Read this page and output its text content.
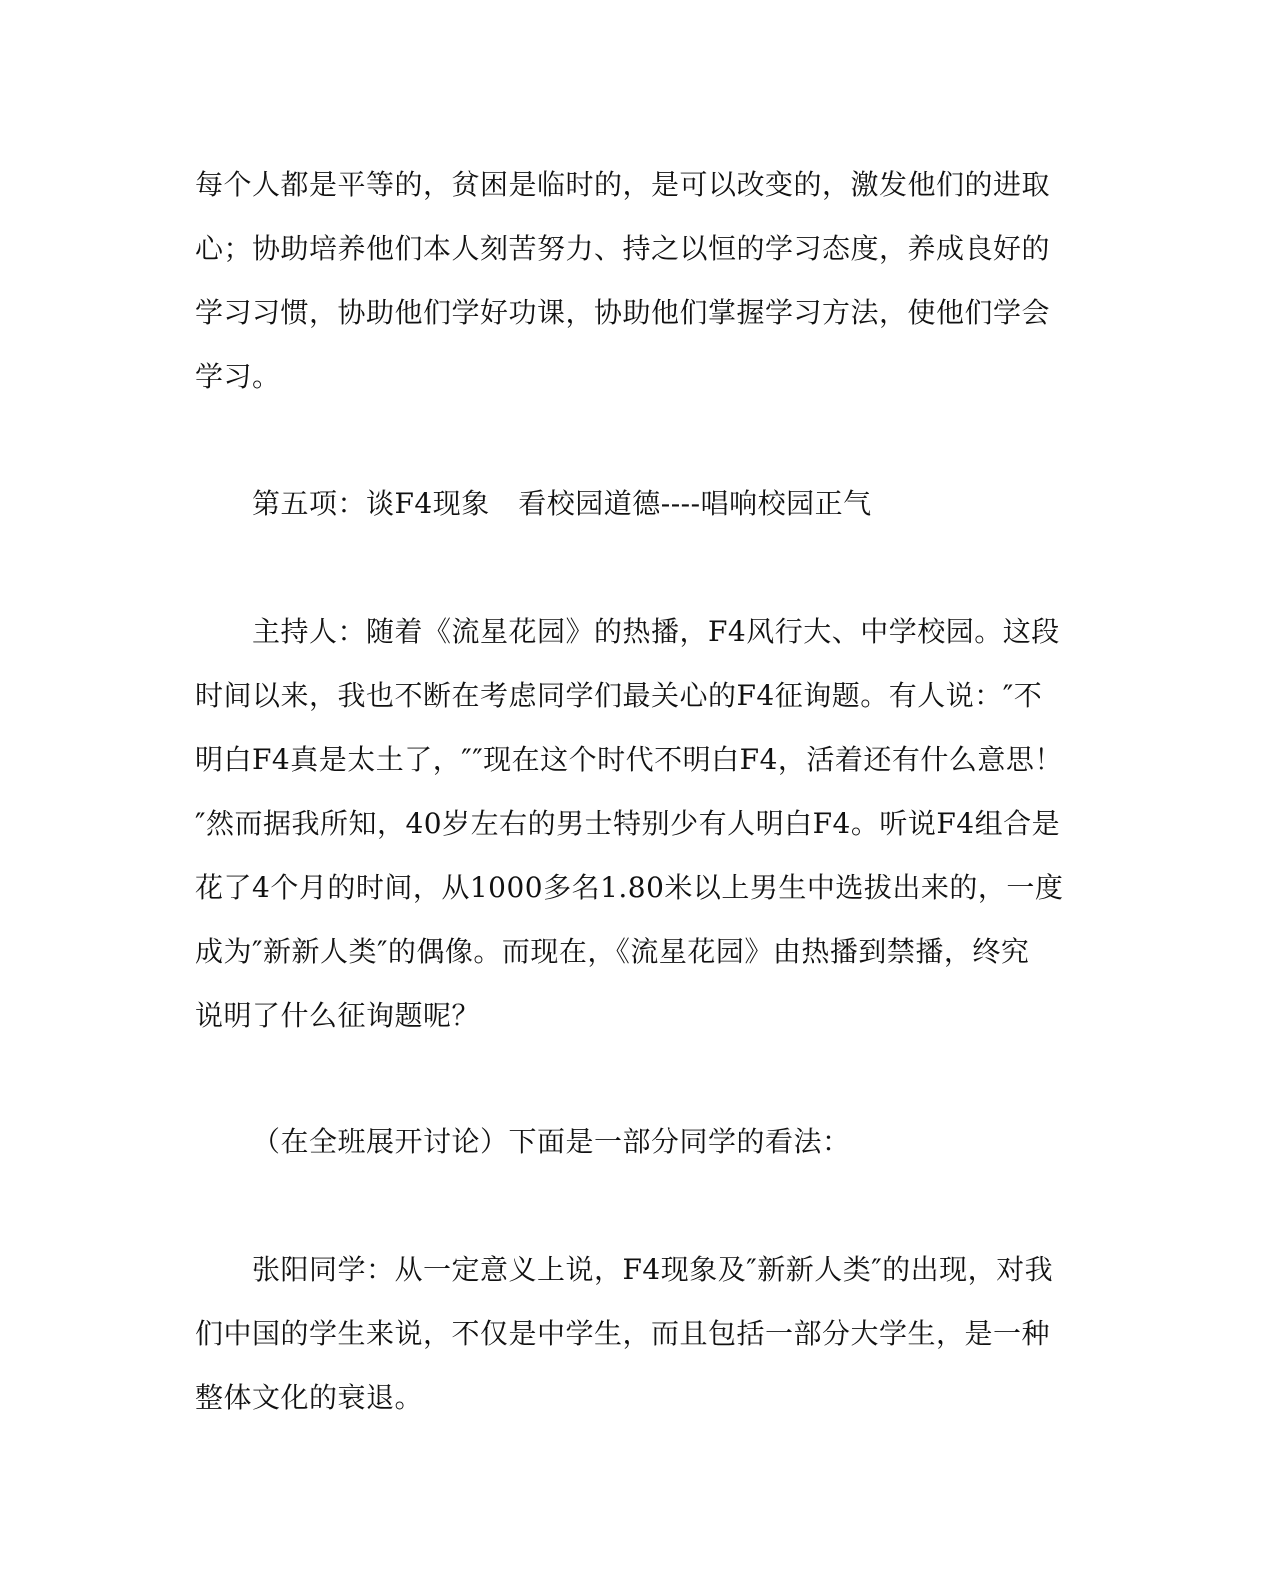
每个人都是平等的，贫困是临时的，是可以改变的，激发他们的进取
心；协助培养他们本人刻苦努力、持之以恒的学习态度，养成良好的
学习习惯，协助他们学好功课，协助他们掌握学习方法，使他们学会
学习。
第五项：谈F4现象　看校园道德----唱响校园正气
主持人：随着《流星花园》的热播，F4风行大、中学校园。这段
时间以来，我也不断在考虑同学们最关心的F4征询题。有人说：″不
明白F4真是太土了，″″现在这个时代不明白F4，活着还有什么意思！
″然而据我所知，40岁左右的男士特别少有人明白F4。听说F4组合是
花了4个月的时间，从1000多名1.80米以上男生中选拔出来的，一度
成为″新新人类″的偶像。而现在，《流星花园》由热播到禁播，终究
说明了什么征询题呢？
（在全班展开讨论）下面是一部分同学的看法：
张阳同学：从一定意义上说，F4现象及″新新人类″的出现，对我
们中国的学生来说，不仅是中学生，而且包括一部分大学生，是一种
整体文化的衰退。
